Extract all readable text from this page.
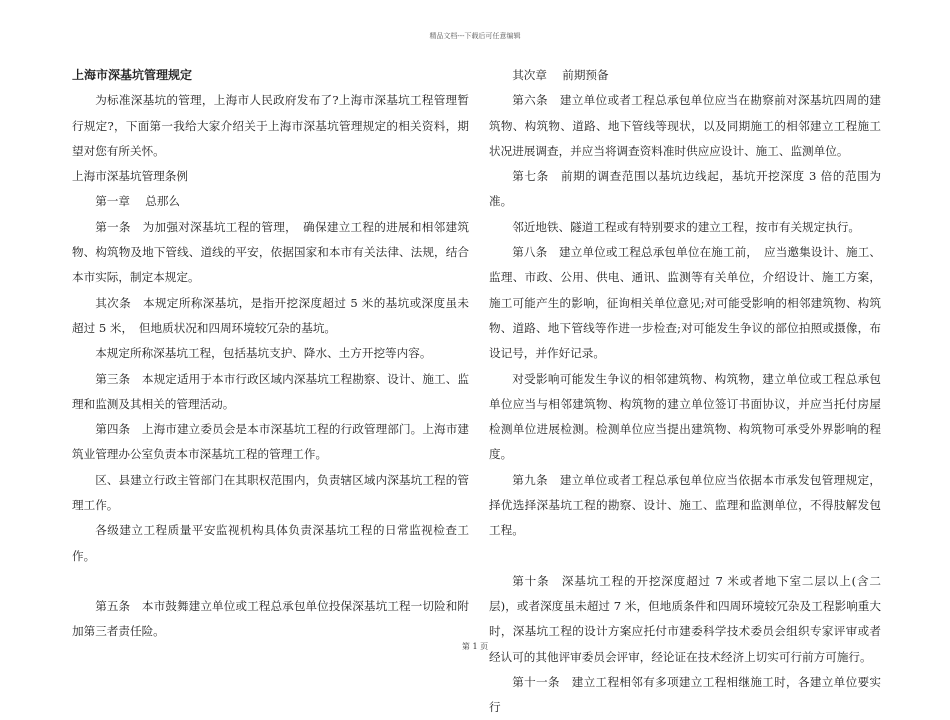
精品文档---下载后可任意编辑

上海市深基坑管理规定

为标准深基坑的管理，上海市人民政府发布了?上海市深基坑工程管理暂行规定?，下面第一我给大家介绍关于上海市深基坑管理规定的相关资料，期望对您有所关怀。

上海市深基坑管理条例

第一章　 总那么

第一条　为加强对深基坑工程的管理，　确保建立工程的进展和相邻建筑物、构筑物及地下管线、道线的平安，依据国家和本市有关法律、法规，结合本市实际，制定本规定。

其次条　本规定所称深基坑，是指开挖深度超过 5 米的基坑或深度虽未超过 5 米，　但地质状况和四周环境较冗杂的基坑。

本规定所称深基坑工程，包括基坑支护、降水、土方开挖等内容。

第三条　本规定适用于本市行政区域内深基坑工程勘察、设计、施工、监理和监测及其相关的管理活动。

第四条　上海市建立委员会是本市深基坑工程的行政管理部门。上海市建筑业管理办公室负责本市深基坑工程的管理工作。

区、县建立行政主管部门在其职权范围内，负责辖区域内深基坑工程的管理工作。

各级建立工程质量平安监视机构具体负责深基坑工程的日常监视检查工作。

第五条　本市鼓舞建立单位或工程总承包单位投保深基坑工程一切险和附加第三者责任险。

其次章　 前期预备

第六条　建立单位或者工程总承包单位应当在勘察前对深基坑四周的建筑物、构筑物、道路、地下管线等现状，以及同期施工的相邻建立工程施工状况进展调查，并应当将调查资料准时供应应设计、施工、监测单位。

第七条　前期的调查范围以基坑边线起，基坑开挖深度 3 倍的范围为准。

邻近地铁、隧道工程或有特别要求的建立工程，按市有关规定执行。

第八条　建立单位或工程总承包单位在施工前，　应当邀集设计、施工、监理、市政、公用、供电、通讯、监测等有关单位，介绍设计、施工方案，施工可能产生的影响，征询相关单位意见;对可能受影响的相邻建筑物、构筑物、道路、地下管线等作进一步检查;对可能发生争议的部位拍照或摄像，布设记号，并作好记录。

对受影响可能发生争议的相邻建筑物、构筑物，建立单位或工程总承包单位应当与相邻建筑物、构筑物的建立单位签订书面协议，并应当托付房屋检测单位进展检测。检测单位应当提出建筑物、构筑物可承受外界影响的程度。

第九条　建立单位或者工程总承包单位应当依据本市承发包管理规定，择优选择深基坑工程的勘察、设计、施工、监理和监测单位，不得肢解发包工程。

第十条　深基坑工程的开挖深度超过 7 米或者地下室二层以上(含二层)，或者深度虽未超过 7 米，但地质条件和四周环境较冗杂及工程影响重大时，深基坑工程的设计方案应托付市建委科学技术委员会组织专家评审或者经认可的其他评审委员会评审，经论证在技术经济上切实可行前方可施行。

第十一条　建立工程相邻有多项建立工程相继施工时，各建立单位要实行

第 1 页
